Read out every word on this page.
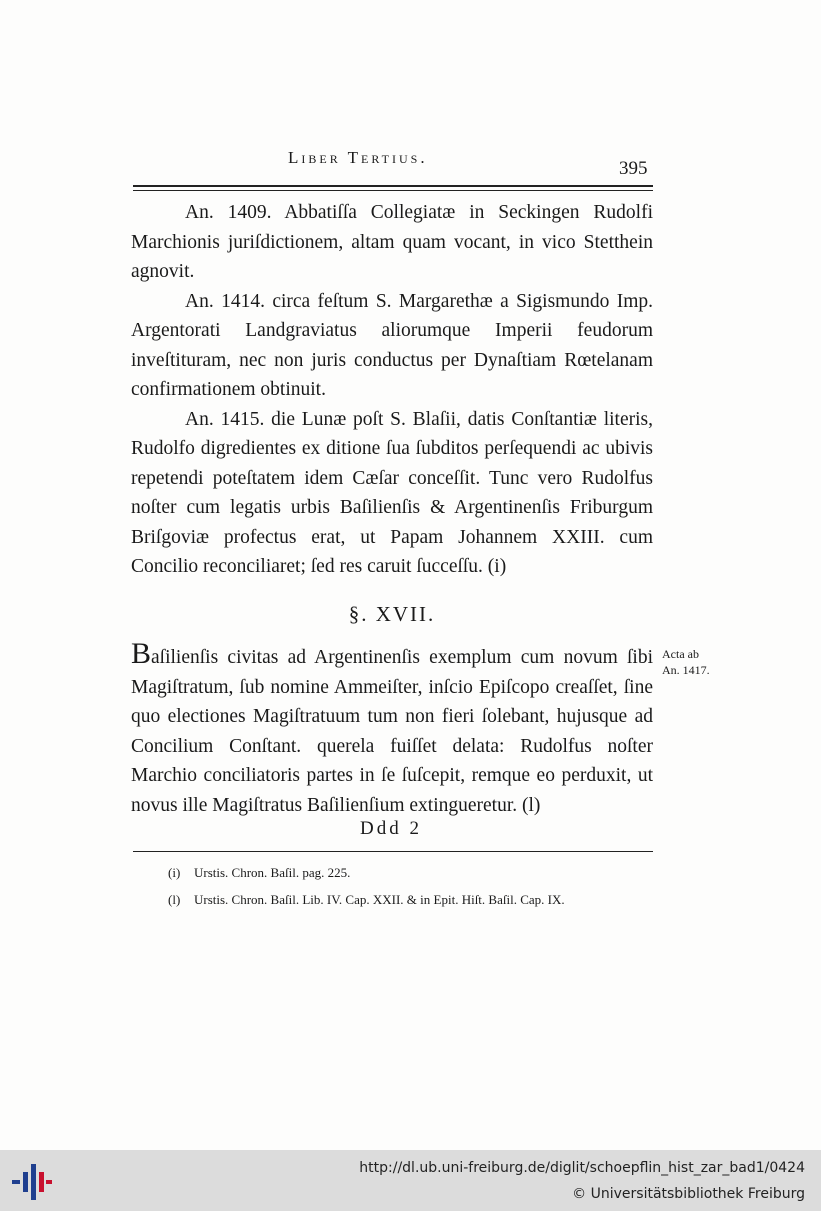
Liber Tertius.
395

An. 1409. Abbatiſſa Collegiatæ in Seckingen Rudolfi Marchionis juriſdictionem, altam quam vocant, in vico Stetthein agnovit.

An. 1414. circa feſtum S. Margarethæ a Sigismundo Imp. Argentorati Landgraviatus aliorumque Imperii feudorum inveſtituram, nec non juris conductus per Dynaſtiam Rœtelanam confirmationem obtinuit.

An. 1415. die Lunæ poſt S. Blaſii, datis Conſtantiæ literis, Rudolfo digredientes ex ditione ſua ſubditos perſequendi ac ubivis repetendi poteſtatem idem Cæſar conceſſit. Tunc vero Rudolfus noſter cum legatis urbis Baſilienſis & Argentinenſis Friburgum Briſgoviæ profectus erat, ut Papam Johannem XXIII. cum Concilio reconciliaret; ſed res caruit ſucceſſu. (i)

§. XVII.

Baſilienſis civitas ad Argentinenſis exemplum cum novum ſibi Magiſtratum, ſub nomine Ammeiſter, inſcio Epiſcopo creaſſet, ſine quo electiones Magiſtratuum tum non fieri ſolebant, hujusque ad Concilium Conſtant. querela fuiſſet delata: Rudolfus noſter Marchio conciliatoris partes in ſe ſuſcepit, remque eo perduxit, ut novus ille Magiſtratus Baſilienſium extingueretur. (l)

Acta ab
An. 1417.
Ddd 2
(i) Urstis. Chron. Baſil. pag. 225.
(l) Urstis. Chron. Baſil. Lib. IV. Cap. XXII. & in Epit. Hiſt. Baſil. Cap. IX.
http://dl.ub.uni-freiburg.de/diglit/schoepflin_hist_zar_bad1/0424
© Universitätsbibliothek Freiburg
